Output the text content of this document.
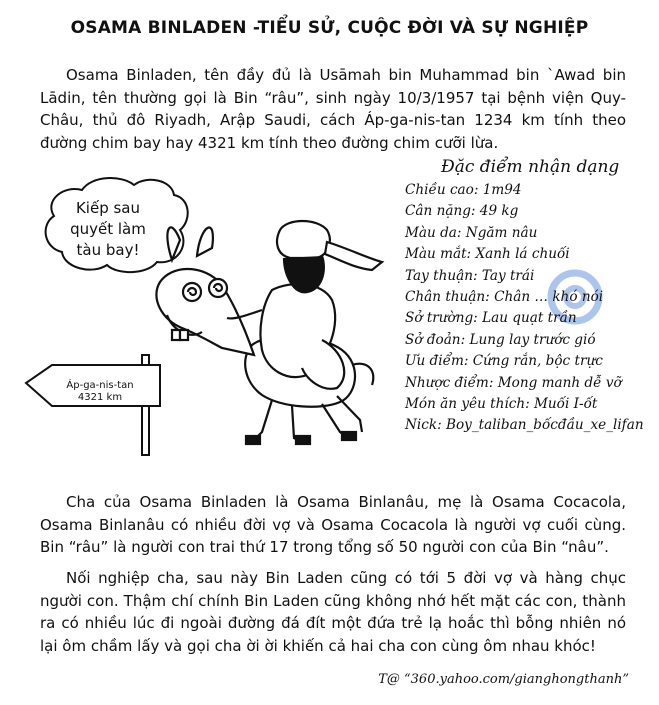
OSAMA BINLADEN -TIỂU SỬ, CUỘC ĐỜI VÀ SỰ NGHIỆP
Osama Binladen, tên đầy đủ là Usāmah bin Muhammad bin `Awad bin Lādin, tên thường gọi là Bin “râu”, sinh ngày 10/3/1957 tại bệnh viện Quy-Châu, thủ đô Riyadh, Arập Saudi, cách Áp-ga-nis-tan 1234 km tính theo đường chim bay hay 4321 km tính theo đường chim cưỡi lừa.
Kiếp sau
quyết làm
tàu bay!
Áp-ga-nis-tan
4321 km
Đặc điểm nhận dạng
Chiều cao: 1m94
Cân nặng: 49 kg
Màu da: Ngăm nâu
Màu mắt: Xanh lá chuối
Tay thuận: Tay trái
Chân thuận: Chân … khó nói
Sở trường: Lau quạt trần
Sở đoản: Lung lay trước gió
Ưu điểm: Cứng rắn, bộc trực
Nhược điểm: Mong manh dễ vỡ
Món ăn yêu thích: Muối I-ốt
Nick: Boy_taliban_bốcđầu_xe_lifan
Cha của Osama Binladen là Osama Binlanâu, mẹ là Osama Cocacola, Osama Binlanâu có nhiều đời vợ và Osama Cocacola là người vợ cuối cùng. Bin “râu” là người con trai thứ 17 trong tổng số 50 người con của Bin “nâu”.
Nối nghiệp cha, sau này Bin Laden cũng có tới 5 đời vợ và hàng chục người con. Thậm chí chính Bin Laden cũng không nhớ hết mặt các con, thành ra có nhiều lúc đi ngoài đường đá đít một đứa trẻ lạ hoắc thì bỗng nhiên nó lại ôm chầm lấy và gọi cha ời ời khiến cả hai cha con cùng ôm nhau khóc!
T@ “360.yahoo.com/gianghongthanh”
